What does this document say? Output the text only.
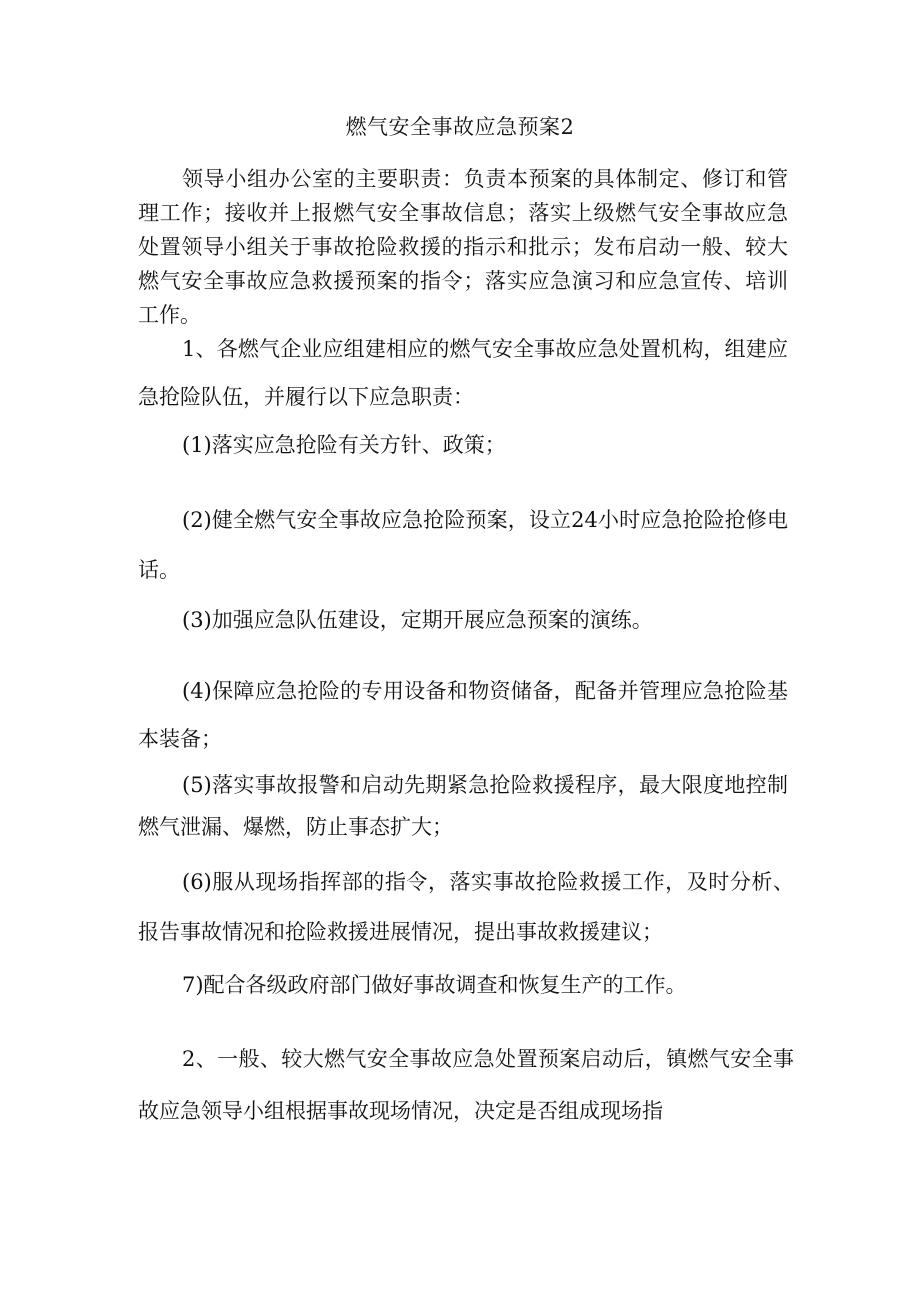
燃气安全事故应急预案2

领导小组办公室的主要职责：负责本预案的具体制定、修订和管理工作；接收并上报燃气安全事故信息；落实上级燃气安全事故应急处置领导小组关于事故抢险救援的指示和批示；发布启动一般、较大燃气安全事故应急救援预案的指令；落实应急演习和应急宣传、培训工作。

1、各燃气企业应组建相应的燃气安全事故应急处置机构，组建应急抢险队伍，并履行以下应急职责：

(1)落实应急抢险有关方针、政策；

(2)健全燃气安全事故应急抢险预案，设立24小时应急抢险抢修电话。

(3)加强应急队伍建设，定期开展应急预案的演练。

(4)保障应急抢险的专用设备和物资储备，配备并管理应急抢险基本装备；

(5)落实事故报警和启动先期紧急抢险救援程序，最大限度地控制燃气泄漏、爆燃，防止事态扩大；

(6)服从现场指挥部的指令，落实事故抢险救援工作，及时分析、报告事故情况和抢险救援进展情况，提出事故救援建议；

7)配合各级政府部门做好事故调查和恢复生产的工作。

2、一般、较大燃气安全事故应急处置预案启动后，镇燃气安全事故应急领导小组根据事故现场情况，决定是否组成现场指
